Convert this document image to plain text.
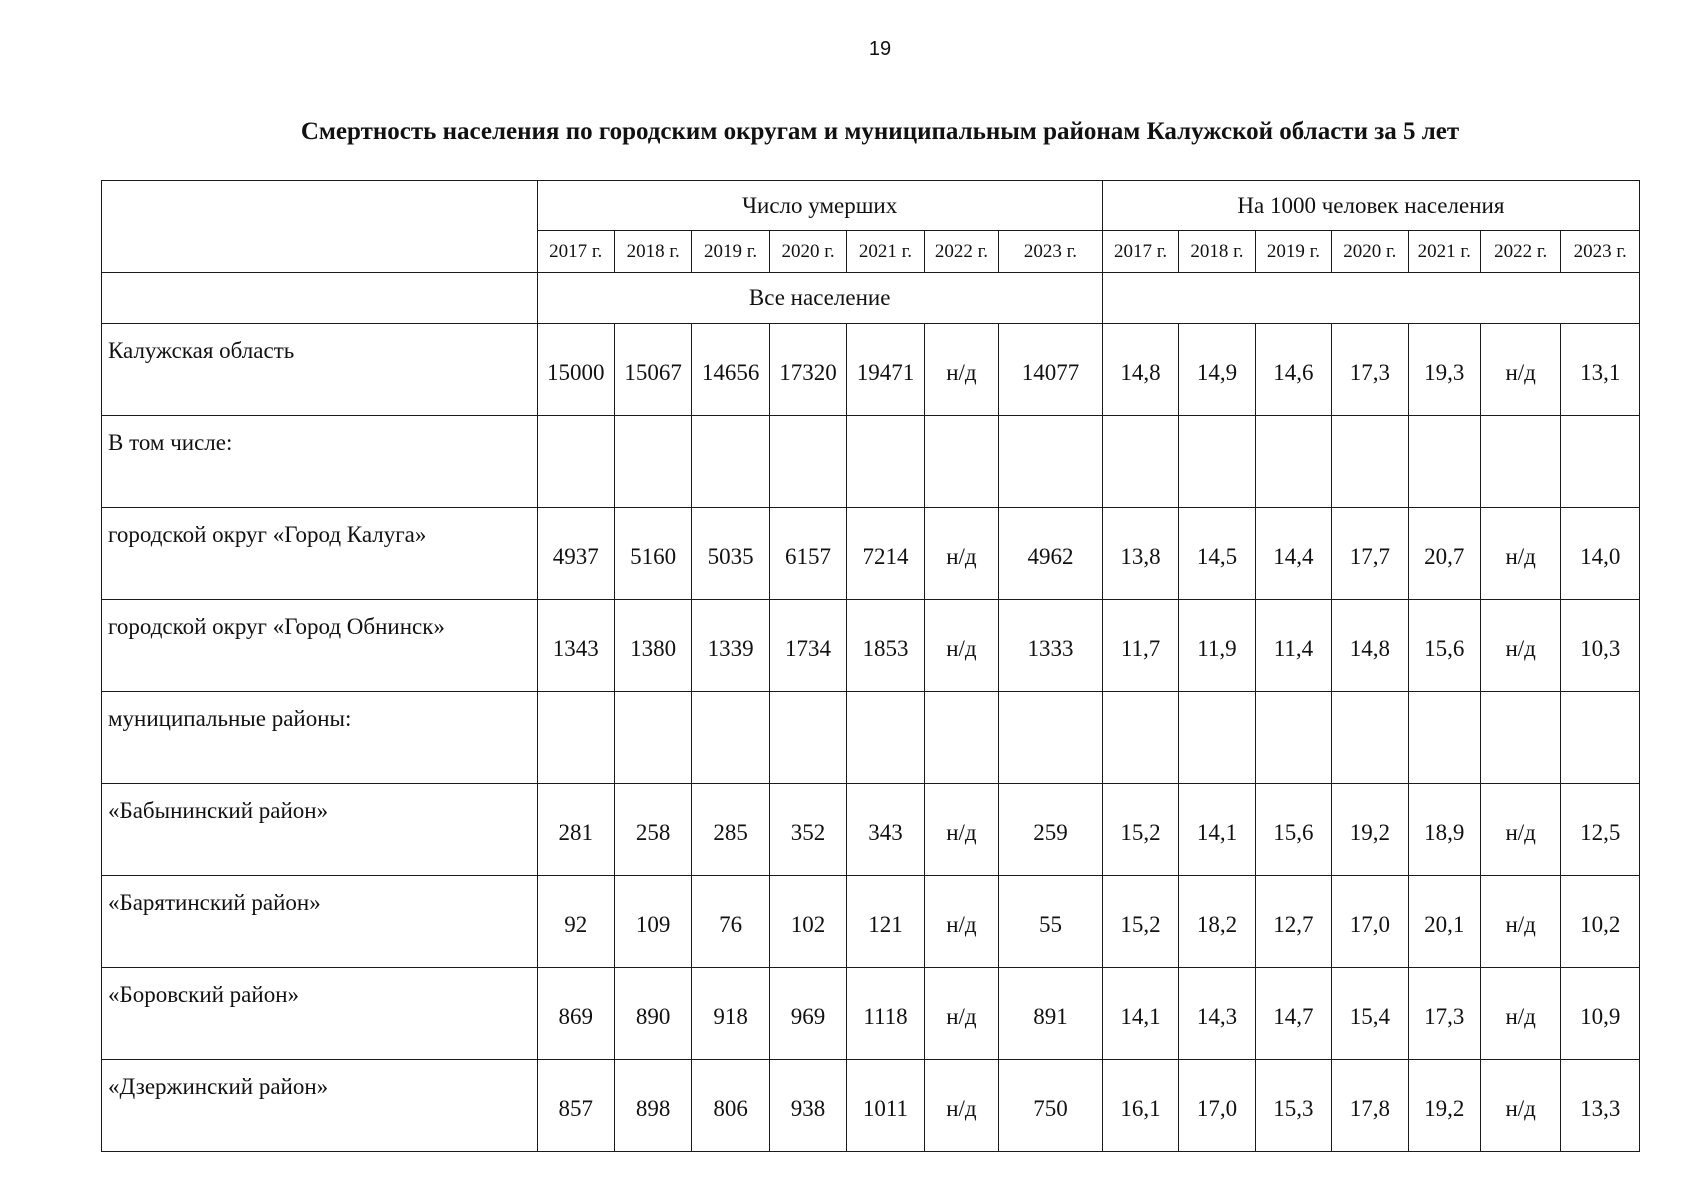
19
Смертность населения по городским округам и муниципальным районам Калужской области за 5 лет
	Число умерших							На 1000 человек населения						
	2017 г.	2018 г.	2019 г.	2020 г.	2021 г.	2022 г.	2023 г.	2017 г.	2018 г.	2019 г.	2020 г.	2021 г.	2022 г.	2023 г.
	Все население													
Калужская область	15000	15067	14656	17320	19471	н/д	14077	14,8	14,9	14,6	17,3	19,3	н/д	13,1
В том числе:														
городской округ «Город Калуга»	4937	5160	5035	6157	7214	н/д	4962	13,8	14,5	14,4	17,7	20,7	н/д	14,0
городской округ «Город Обнинск»	1343	1380	1339	1734	1853	н/д	1333	11,7	11,9	11,4	14,8	15,6	н/д	10,3
муниципальные районы:														
«Бабынинский район»	281	258	285	352	343	н/д	259	15,2	14,1	15,6	19,2	18,9	н/д	12,5
«Барятинский район»	92	109	76	102	121	н/д	55	15,2	18,2	12,7	17,0	20,1	н/д	10,2
«Боровский район»	869	890	918	969	1118	н/д	891	14,1	14,3	14,7	15,4	17,3	н/д	10,9
«Дзержинский район»	857	898	806	938	1011	н/д	750	16,1	17,0	15,3	17,8	19,2	н/д	13,3
